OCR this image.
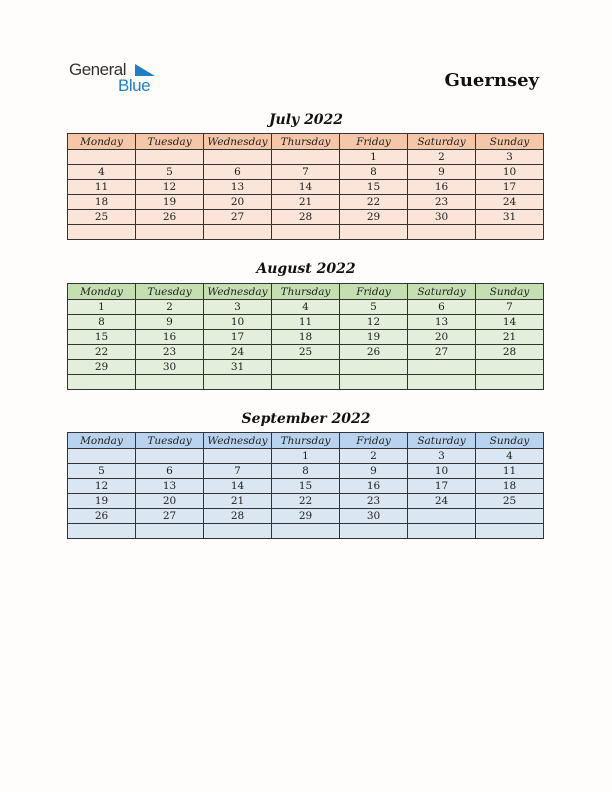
General
Blue	Guernsey
July 2022
Monday	Tuesday	Wednesday	Thursday	Friday	Saturday	Sunday
				1	2	3
4	5	6	7	8	9	10
11	12	13	14	15	16	17
18	19	20	21	22	23	24
25	26	27	28	29	30	31

August 2022
Monday	Tuesday	Wednesday	Thursday	Friday	Saturday	Sunday
1	2	3	4	5	6	7
8	9	10	11	12	13	14
15	16	17	18	19	20	21
22	23	24	25	26	27	28
29	30	31				

September 2022
Monday	Tuesday	Wednesday	Thursday	Friday	Saturday	Sunday
			1	2	3	4
5	6	7	8	9	10	11
12	13	14	15	16	17	18
19	20	21	22	23	24	25
26	27	28	29	30		
